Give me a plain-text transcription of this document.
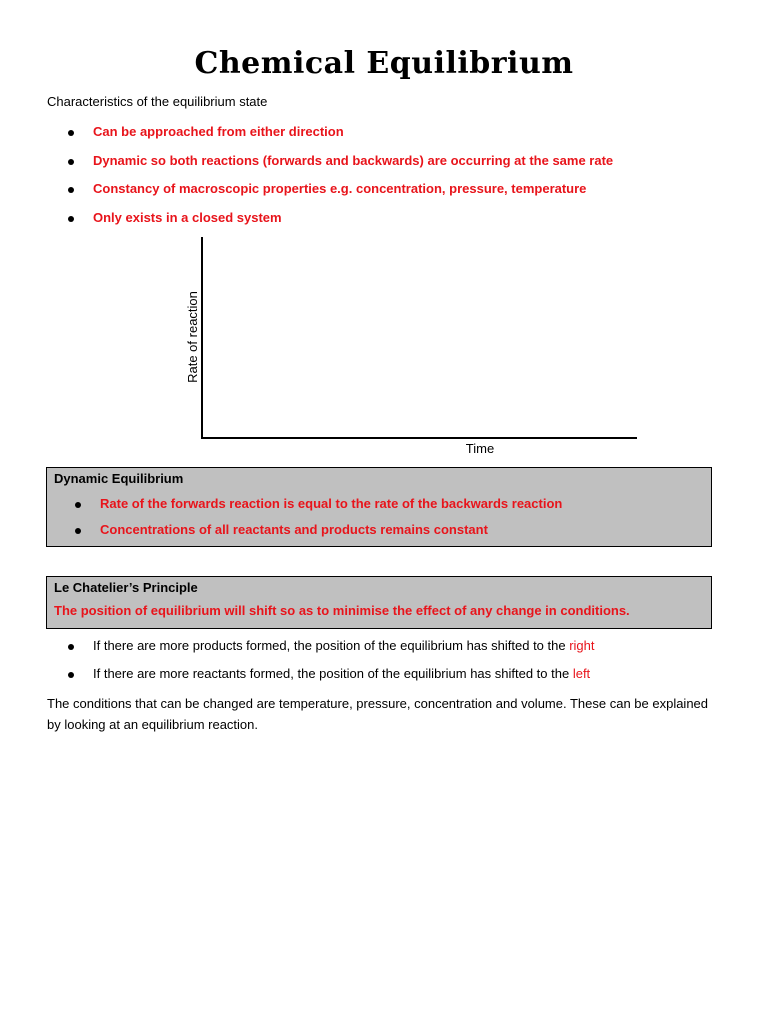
Chemical Equilibrium
Characteristics of the equilibrium state
Can be approached from either direction
Dynamic so both reactions (forwards and backwards) are occurring at the same rate
Constancy of macroscopic properties e.g. concentration, pressure, temperature
Only exists in a closed system
Time
Rate of reaction
Dynamic Equilibrium
Rate of the forwards reaction is equal to the rate of the backwards reaction
Concentrations of all reactants and products remains constant
Le Chatelier’s Principle
The position of equilibrium will shift so as to minimise the effect of any change in conditions.
If there are more products formed, the position of the equilibrium has shifted to the right
If there are more reactants formed, the position of the equilibrium has shifted to the left
The conditions that can be changed are temperature, pressure, concentration and volume. These can be explained by looking at an equilibrium reaction.
